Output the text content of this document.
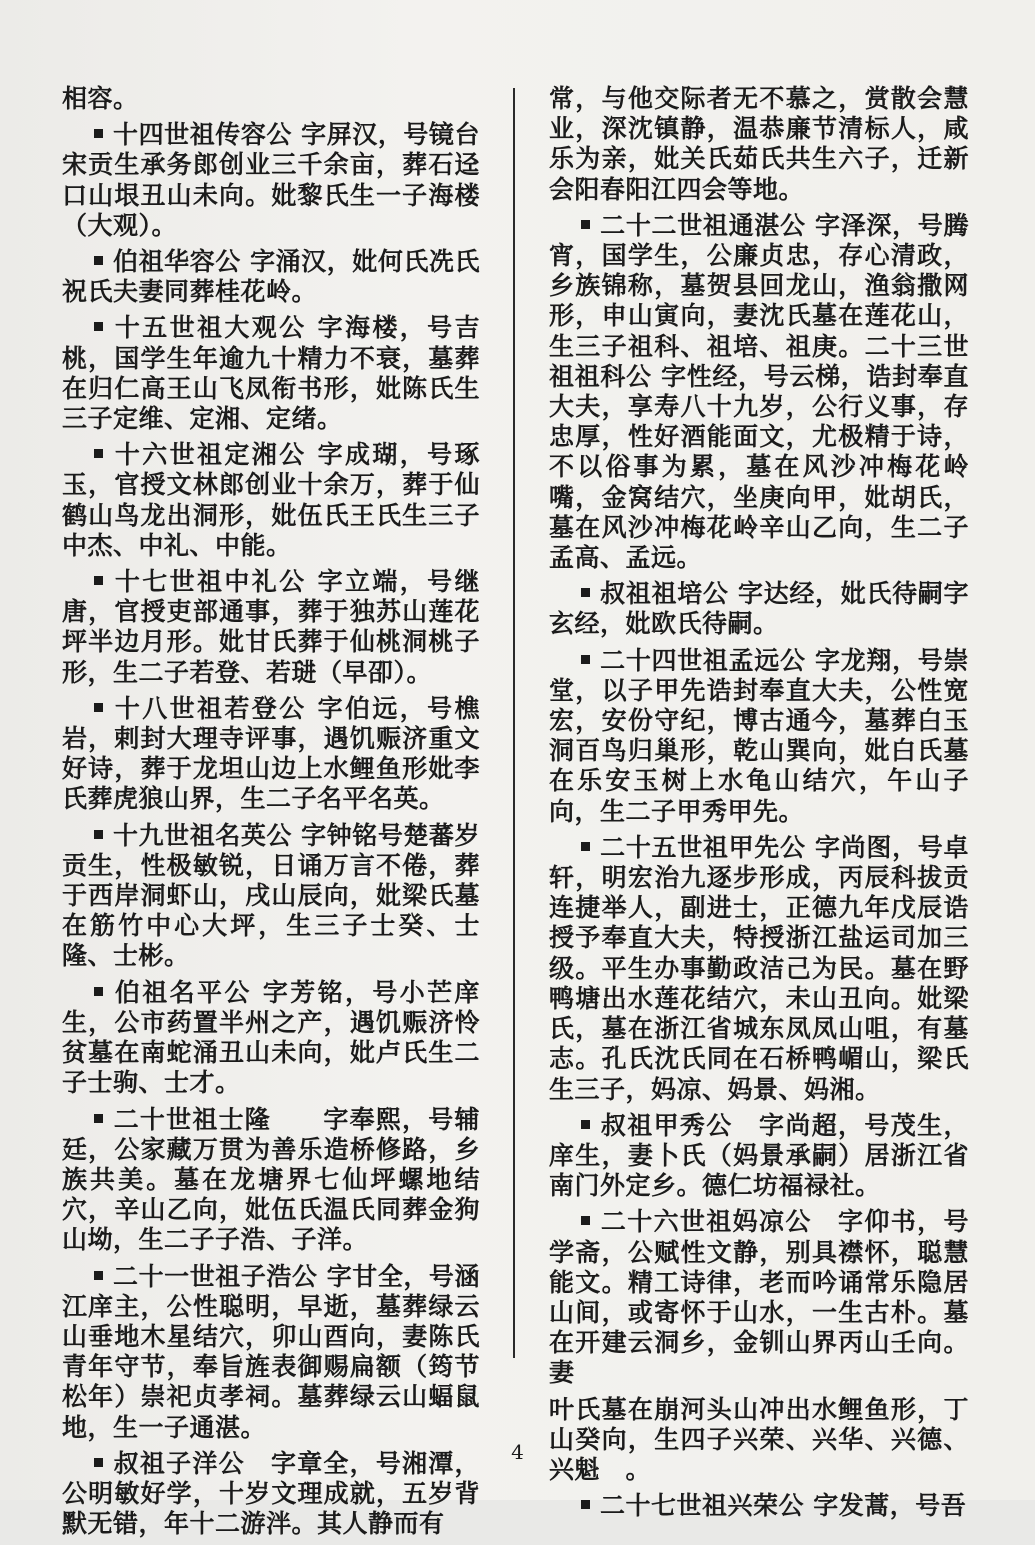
相容。
十四世祖传容公 字屏汉，号镜台宋贡生承务郎创业三千余亩，葬石迳口山垠丑山未向。妣黎氏生一子海楼（大观）。
伯祖华容公 字涌汉，妣何氏冼氏祝氏夫妻同葬桂花岭。
十五世祖大观公 字海楼，号吉桃，国学生年逾九十精力不衰，墓葬在归仁高王山飞凤衔书形，妣陈氏生三子定维、定湘、定绪。
十六世祖定湘公 字成瑚，号琢玉，官授文林郎创业十余万，葬于仙鹤山鸟龙出洞形，妣伍氏王氏生三子中杰、中礼、中能。
十七世祖中礼公 字立端，号继唐，官授吏部通事，葬于独苏山莲花坪半边月形。妣甘氏葬于仙桃洞桃子形，生二子若登、若琎（早卲）。
十八世祖若登公 字伯远，号樵岩，剌封大理寺评事，遇饥赈济重文好诗，葬于龙坦山边上水鲤鱼形妣李氏葬虎狼山界，生二子名平名英。
十九世祖名英公 字钟铭号楚蕃岁贡生，性极敏锐，日诵万言不倦，葬于西岸洞虾山，戌山辰向，妣梁氏墓在筋竹中心大坪，生三子士癸、士隆、士彬。
伯祖名平公 字芳铭，号小芒庠生，公市药置半州之产，遇饥赈济怜贫墓在南蛇涌丑山未向，妣卢氏生二子士驹、士才。
二十世祖士隆　　字奉熙，号辅廷，公家藏万贯为善乐造桥修路，乡族共美。墓在龙塘界七仙坪螺地结穴，辛山乙向，妣伍氏温氏同葬金狗山坳，生二子子浩、子洋。
二十一世祖子浩公 字甘全，号涵江庠主，公性聪明，早逝，墓葬绿云山垂地木星结穴，卯山酉向，妻陈氏青年守节，奉旨旌表御赐扁额（筠节松年）崇祀贞孝祠。墓葬绿云山蝠鼠地，生一子通湛。
叔祖子洋公　字章全，号湘潭，公明敏好学，十岁文理成就，五岁背默无错，年十二游泮。其人静而有
常，与他交际者无不慕之，赏散会慧业，深沈镇静，温恭廉节清标人，咸乐为亲，妣关氏茹氏共生六子，迁新会阳春阳江四会等地。
二十二世祖通湛公 字泽深，号腾宵，国学生，公廉贞忠，存心清政，乡族锦称，墓贺县回龙山，渔翁撒网形，申山寅向，妻沈氏墓在莲花山，生三子祖科、祖培、祖庚。二十三世祖祖科公 字性经，号云梯，诰封奉直大夫，享寿八十九岁，公行义事，存忠厚，性好酒能面文，尤极精于诗，不以俗事为累，墓在风沙冲梅花岭嘴，金窝结穴，坐庚向甲，妣胡氏，墓在风沙冲梅花岭辛山乙向，生二子孟高、孟远。
叔祖祖培公 字达经，妣氏待嗣字玄经，妣欧氏待嗣。
二十四世祖孟远公 字龙翔，号崇堂，以子甲先诰封奉直大夫，公性宽宏，安份守纪，博古通今，墓葬白玉洞百鸟归巢形，乾山巽向，妣白氏墓在乐安玉树上水龟山结穴，午山子向，生二子甲秀甲先。
二十五世祖甲先公 字尚图，号卓轩，明宏治九逐步形成，丙辰科拔贡连捷举人，副进士，正德九年戊辰诰授予奉直大夫，特授浙江盐运司加三级。平生办事勤政洁己为民。墓在野鸭塘出水莲花结穴，未山丑向。妣梁氏，墓在浙江省城东凤凤山咀，有墓志。孔氏沈氏同在石桥鸭嵋山，梁氏生三子，妈凉、妈景、妈湘。
叔祖甲秀公　字尚超，号茂生，庠生，妻卜氏（妈景承嗣）居浙江省南门外定乡。德仁坊福禄社。
二十六世祖妈凉公　字仰书，号学斋，公赋性文静，别具襟怀，聪慧能文。精工诗律，老而吟诵常乐隐居山间，或寄怀于山水，一生古朴。墓在开建云洞乡，金钏山界丙山壬向。妻
叶氏墓在崩河头山冲出水鲤鱼形，丁山癸向，生四子兴荣、兴华、兴德、兴魁　。
二十七世祖兴荣公 字发蒿，号吾
4
